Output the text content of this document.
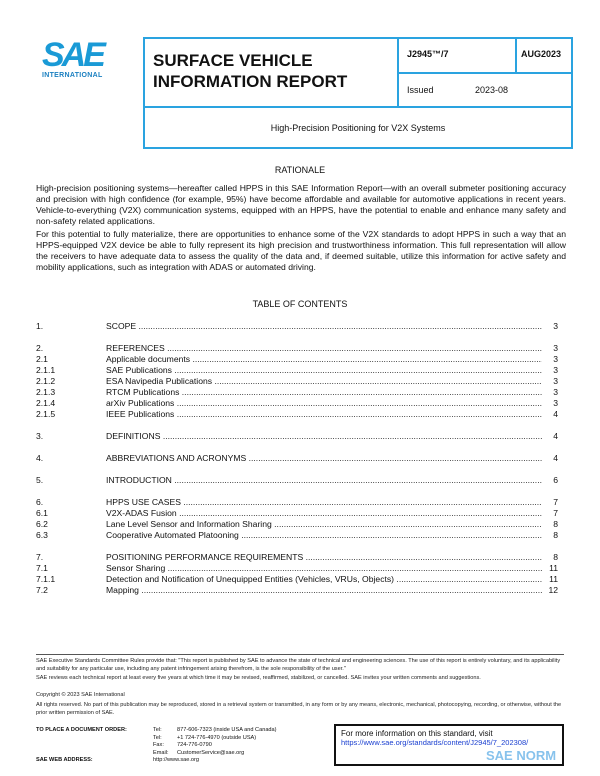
SAE
INTERNATIONAL
SURFACE VEHICLE
INFORMATION REPORT
J2945™/7	AUG2023
Issued	2023-08
High-Precision Positioning for V2X Systems
RATIONALE
High-precision positioning systems—hereafter called HPPS in this SAE Information Report—with an overall submeter positioning accuracy and precision with high confidence (for example, 95%) have become affordable and available for automotive applications in recent years. Vehicle-to-everything (V2X) communication systems, equipped with an HPPS, have the potential to enable and enhance many safety and non-safety related applications.
For this potential to fully materialize, there are opportunities to enhance some of the V2X standards to adopt HPPS in such a way that an HPPS-equipped V2X device be able to fully represent its high precision and trustworthiness information. This full representation will allow the receivers to have adequate data to assess the quality of the data and, if deemed suitable, utilize this information for active safety and mobility applications, such as integration with ADAS or automated driving.
TABLE OF CONTENTS
1.	SCOPE .....	3
2.	REFERENCES .....	3
2.1	Applicable documents .....	3
2.1.1	SAE Publications .....	3
2.1.2	ESA Navipedia Publications .....	3
2.1.3	RTCM Publications .....	3
2.1.4	arXiv Publications .....	3
2.1.5	IEEE Publications .....	4
3.	DEFINITIONS .....	4
4.	ABBREVIATIONS AND ACRONYMS .....	4
5.	INTRODUCTION .....	6
6.	HPPS USE CASES .....	7
6.1	V2X-ADAS Fusion .....	7
6.2	Lane Level Sensor and Information Sharing .....	8
6.3	Cooperative Automated Platooning .....	8
7.	POSITIONING PERFORMANCE REQUIREMENTS .....	8
7.1	Sensor Sharing .....	11
7.1.1	Detection and Notification of Unequipped Entities (Vehicles, VRUs, Objects) .....	11
7.2	Mapping .....	12
SAE Executive Standards Committee Rules provide that: "This report is published by SAE to advance the state of technical and engineering sciences. The use of this report is entirely voluntary, and its applicability and suitability for any particular use, including any patent infringement arising therefrom, is the sole responsibility of the user."
SAE reviews each technical report at least every five years at which time it may be revised, reaffirmed, stabilized, or cancelled. SAE invites your written comments and suggestions.
Copyright © 2023 SAE International
All rights reserved. No part of this publication may be reproduced, stored in a retrieval system or transmitted, in any form or by any means, electronic, mechanical, photocopying, recording, or otherwise, without the prior written permission of SAE.
TO PLACE A DOCUMENT ORDER:	Tel:	877-606-7323 (inside USA and Canada)
Tel:	+1 724-776-4970 (outside USA)
Fax: 724-776-0790
Email: CustomerService@sae.org
SAE WEB ADDRESS:	http://www.sae.org
For more information on this standard, visit
https://www.sae.org/standards/content/J2945/7_202308/
SAE NORM
